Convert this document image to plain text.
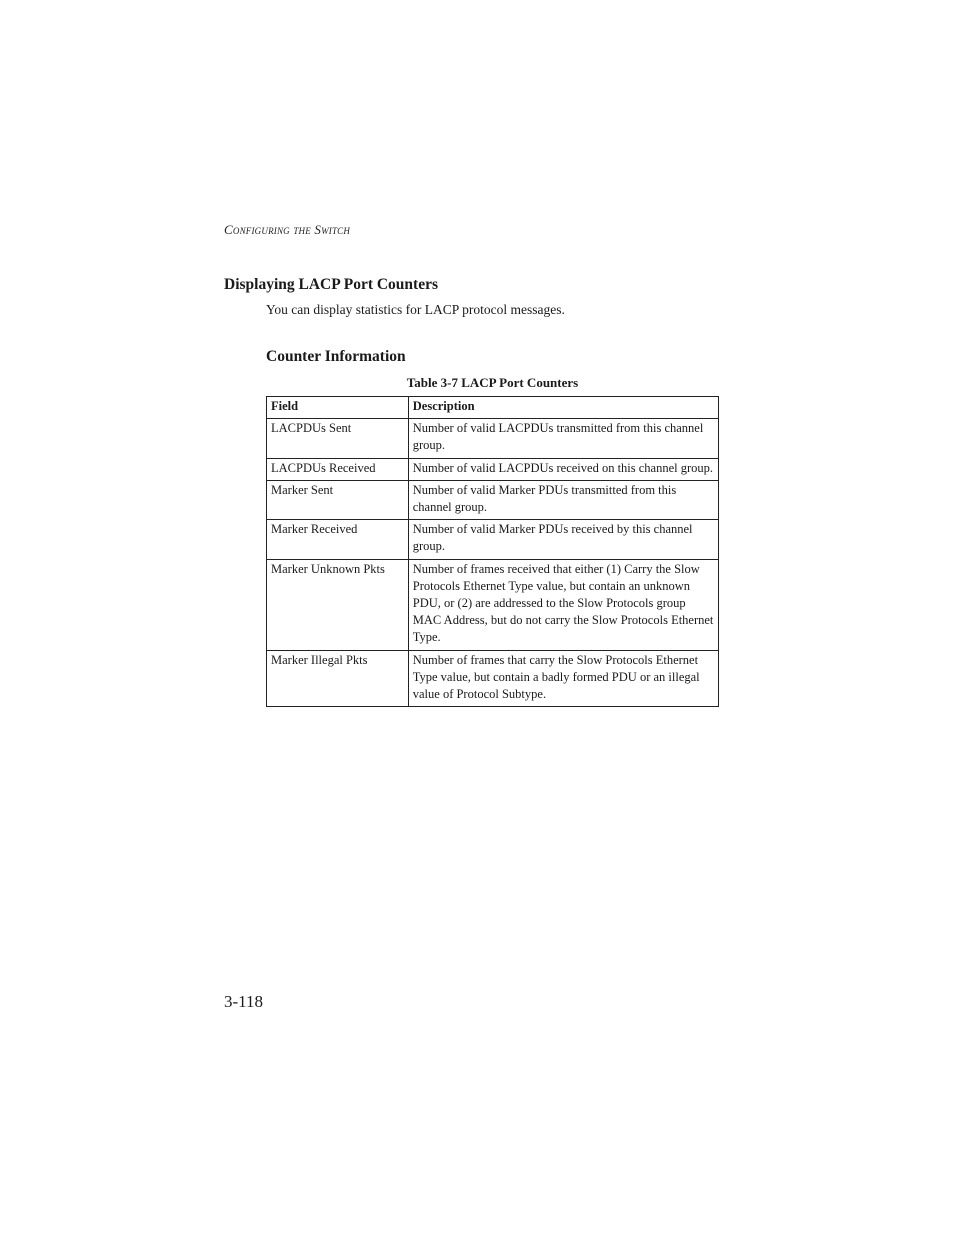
Configuring the Switch
Displaying LACP Port Counters

You can display statistics for LACP protocol messages.

Counter Information
Table 3-7 LACP Port Counters
Field	Description
LACPDUs Sent	Number of valid LACPDUs transmitted from this channel group.
LACPDUs Received	Number of valid LACPDUs received on this channel group.
Marker Sent	Number of valid Marker PDUs transmitted from this channel group.
Marker Received	Number of valid Marker PDUs received by this channel group.
Marker Unknown Pkts	Number of frames received that either (1) Carry the Slow Protocols Ethernet Type value, but contain an unknown PDU, or (2) are addressed to the Slow Protocols group MAC Address, but do not carry the Slow Protocols Ethernet Type.
Marker Illegal Pkts	Number of frames that carry the Slow Protocols Ethernet Type value, but contain a badly formed PDU or an illegal value of Protocol Subtype.
3-118
